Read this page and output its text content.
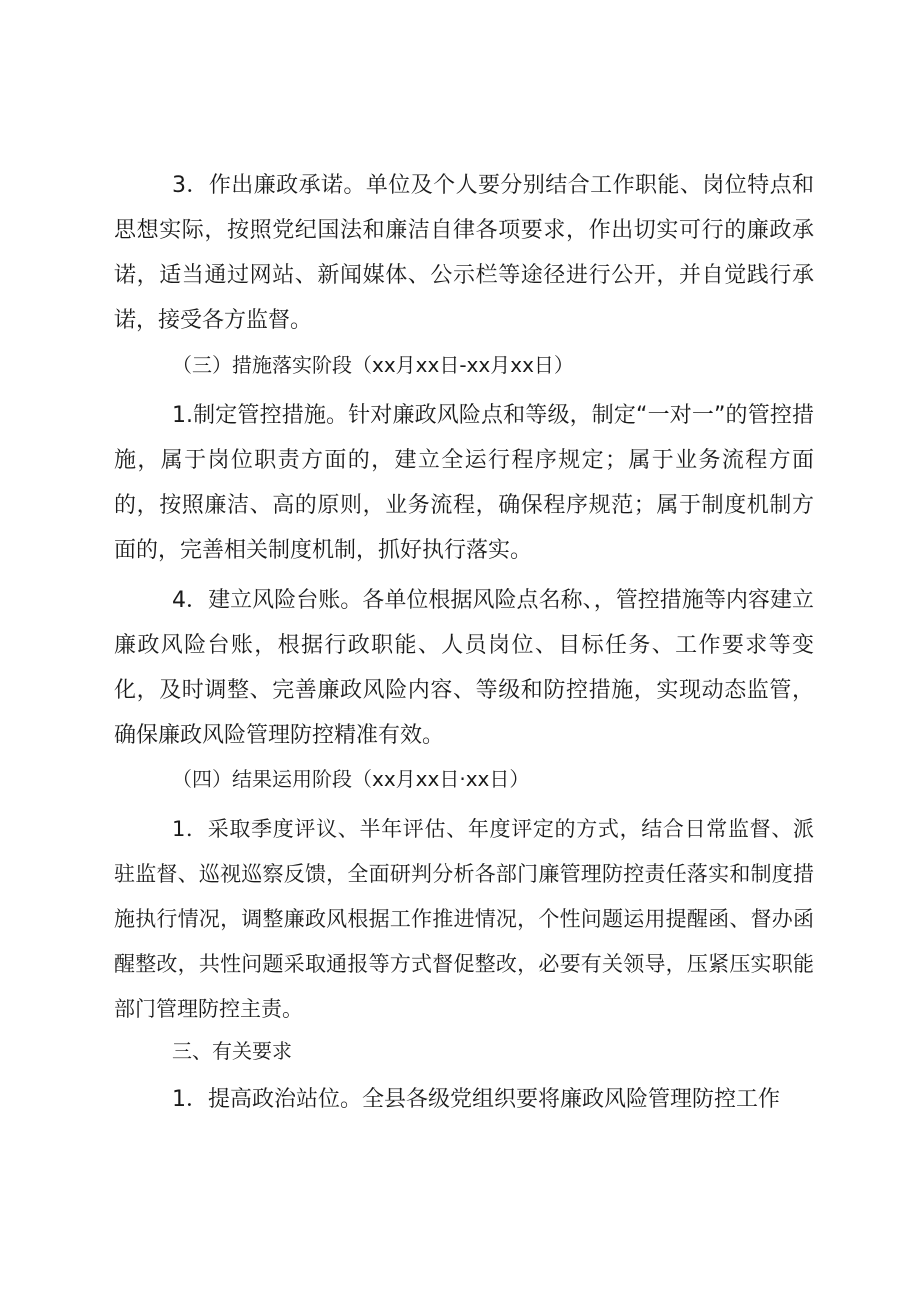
3．作出廉政承诺。单位及个人要分别结合工作职能、岗位特点和思想实际，按照党纪国法和廉洁自律各项要求，作出切实可行的廉政承诺，适当通过网站、新闻媒体、公示栏等途径进行公开，并自觉践行承诺，接受各方监督。

（三）措施落实阶段（xx月xx日-xx月xx日）

1.制定管控措施。针对廉政风险点和等级，制定“一对一”的管控措施，属于岗位职责方面的，建立全运行程序规定；属于业务流程方面的，按照廉洁、高的原则，业务流程，确保程序规范；属于制度机制方面的，完善相关制度机制，抓好执行落实。

4．建立风险台账。各单位根据风险点名称、，管控措施等内容建立廉政风险台账，根据行政职能、人员岗位、目标任务、工作要求等变化，及时调整、完善廉政风险内容、等级和防控措施，实现动态监管，确保廉政风险管理防控精准有效。

（四）结果运用阶段（xx月xx日·xx日）

1．采取季度评议、半年评估、年度评定的方式，结合日常监督、派驻监督、巡视巡察反馈，全面研判分析各部门廉管理防控责任落实和制度措施执行情况，调整廉政风根据工作推进情况，个性问题运用提醒函、督办函醒整改，共性问题采取通报等方式督促整改，必要有关领导，压紧压实职能部门管理防控主责。

三、有关要求

1．提高政治站位。全县各级党组织要将廉政风险管理防控工作
